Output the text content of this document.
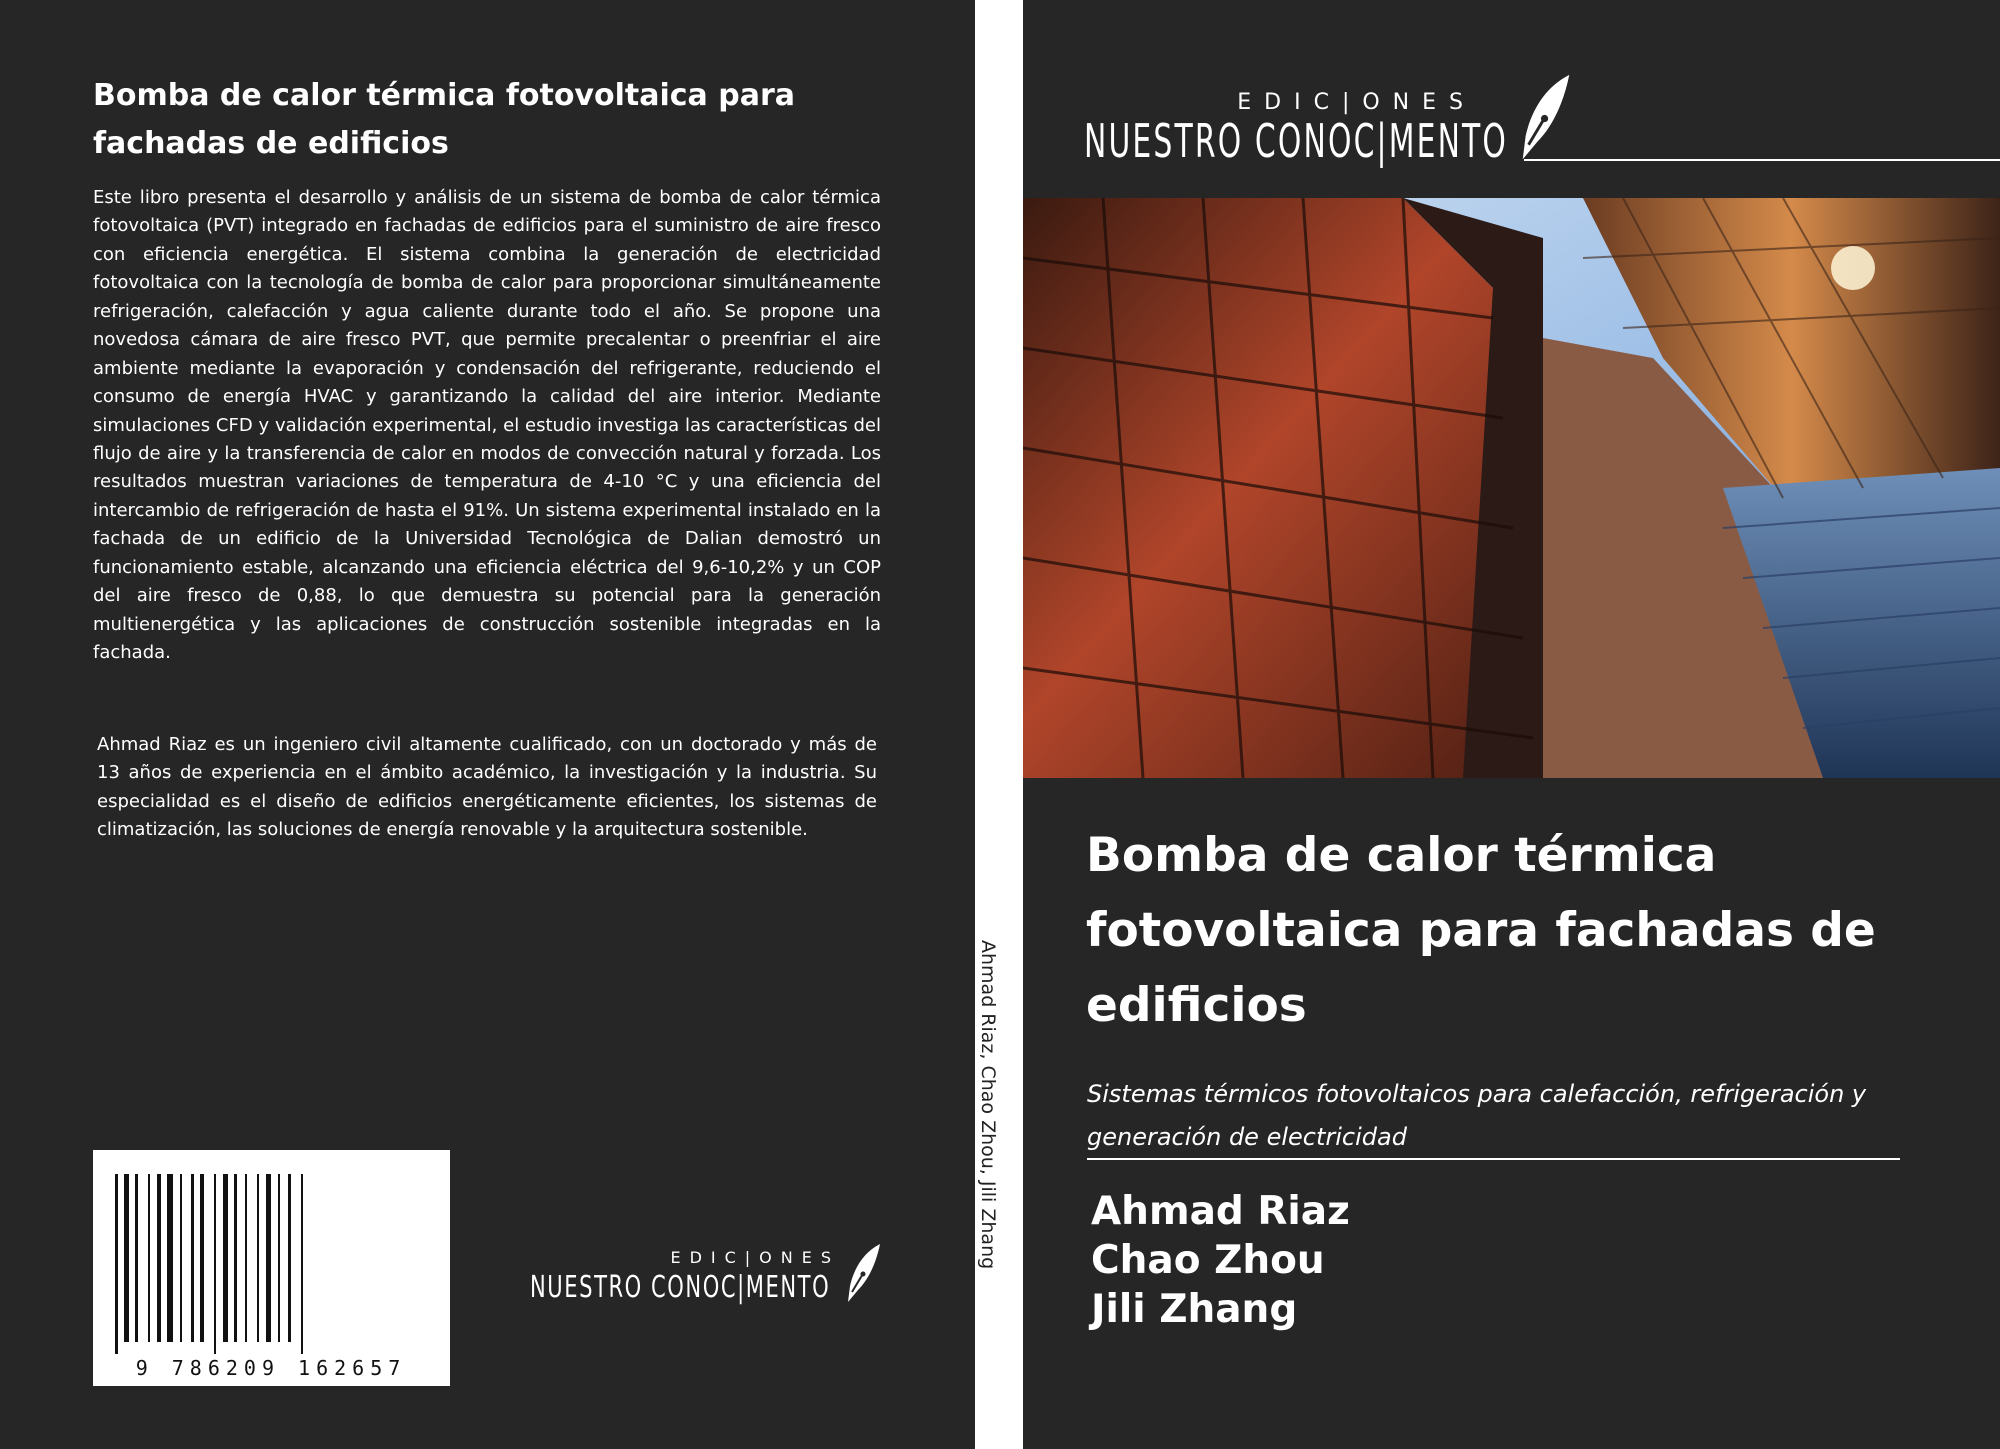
Bomba de calor térmica fotovoltaica para fachadas de edificios

Este libro presenta el desarrollo y análisis de un sistema de bomba de calor térmica fotovoltaica (PVT) integrado en fachadas de edificios para el suministro de aire fresco con eficiencia energética. El sistema combina la generación de electricidad fotovoltaica con la tecnología de bomba de calor para proporcionar simultáneamente refrigeración, calefacción y agua caliente durante todo el año. Se propone una novedosa cámara de aire fresco PVT, que permite precalentar o preenfriar el aire ambiente mediante la evaporación y condensación del refrigerante, reduciendo el consumo de energía HVAC y garantizando la calidad del aire interior. Mediante simulaciones CFD y validación experimental, el estudio investiga las características del flujo de aire y la transferencia de calor en modos de convección natural y forzada. Los resultados muestran variaciones de temperatura de 4-10 °C y una eficiencia del intercambio de refrigeración de hasta el 91%. Un sistema experimental instalado en la fachada de un edificio de la Universidad Tecnológica de Dalian demostró un funcionamiento estable, alcanzando una eficiencia eléctrica del 9,6-10,2% y un COP del aire fresco de 0,88, lo que demuestra su potencial para la generación multienergética y las aplicaciones de construcción sostenible integradas en la fachada.

Ahmad Riaz es un ingeniero civil altamente cualificado, con un doctorado y más de 13 años de experiencia en el ámbito académico, la investigación y la industria. Su especialidad es el diseño de edificios energéticamente eficientes, los sistemas de climatización, las soluciones de energía renovable y la arquitectura sostenible.

9 786209 162657
EDIC|ONES
NUESTRO CONOC|MENTO
Ahmad Riaz, Chao Zhou, Jili Zhang
EDIC|ONES
NUESTRO CONOC|MENTO
Bomba de calor térmica fotovoltaica para fachadas de edificios

Sistemas térmicos fotovoltaicos para calefacción, refrigeración y generación de electricidad

Ahmad Riaz
Chao Zhou
Jili Zhang
